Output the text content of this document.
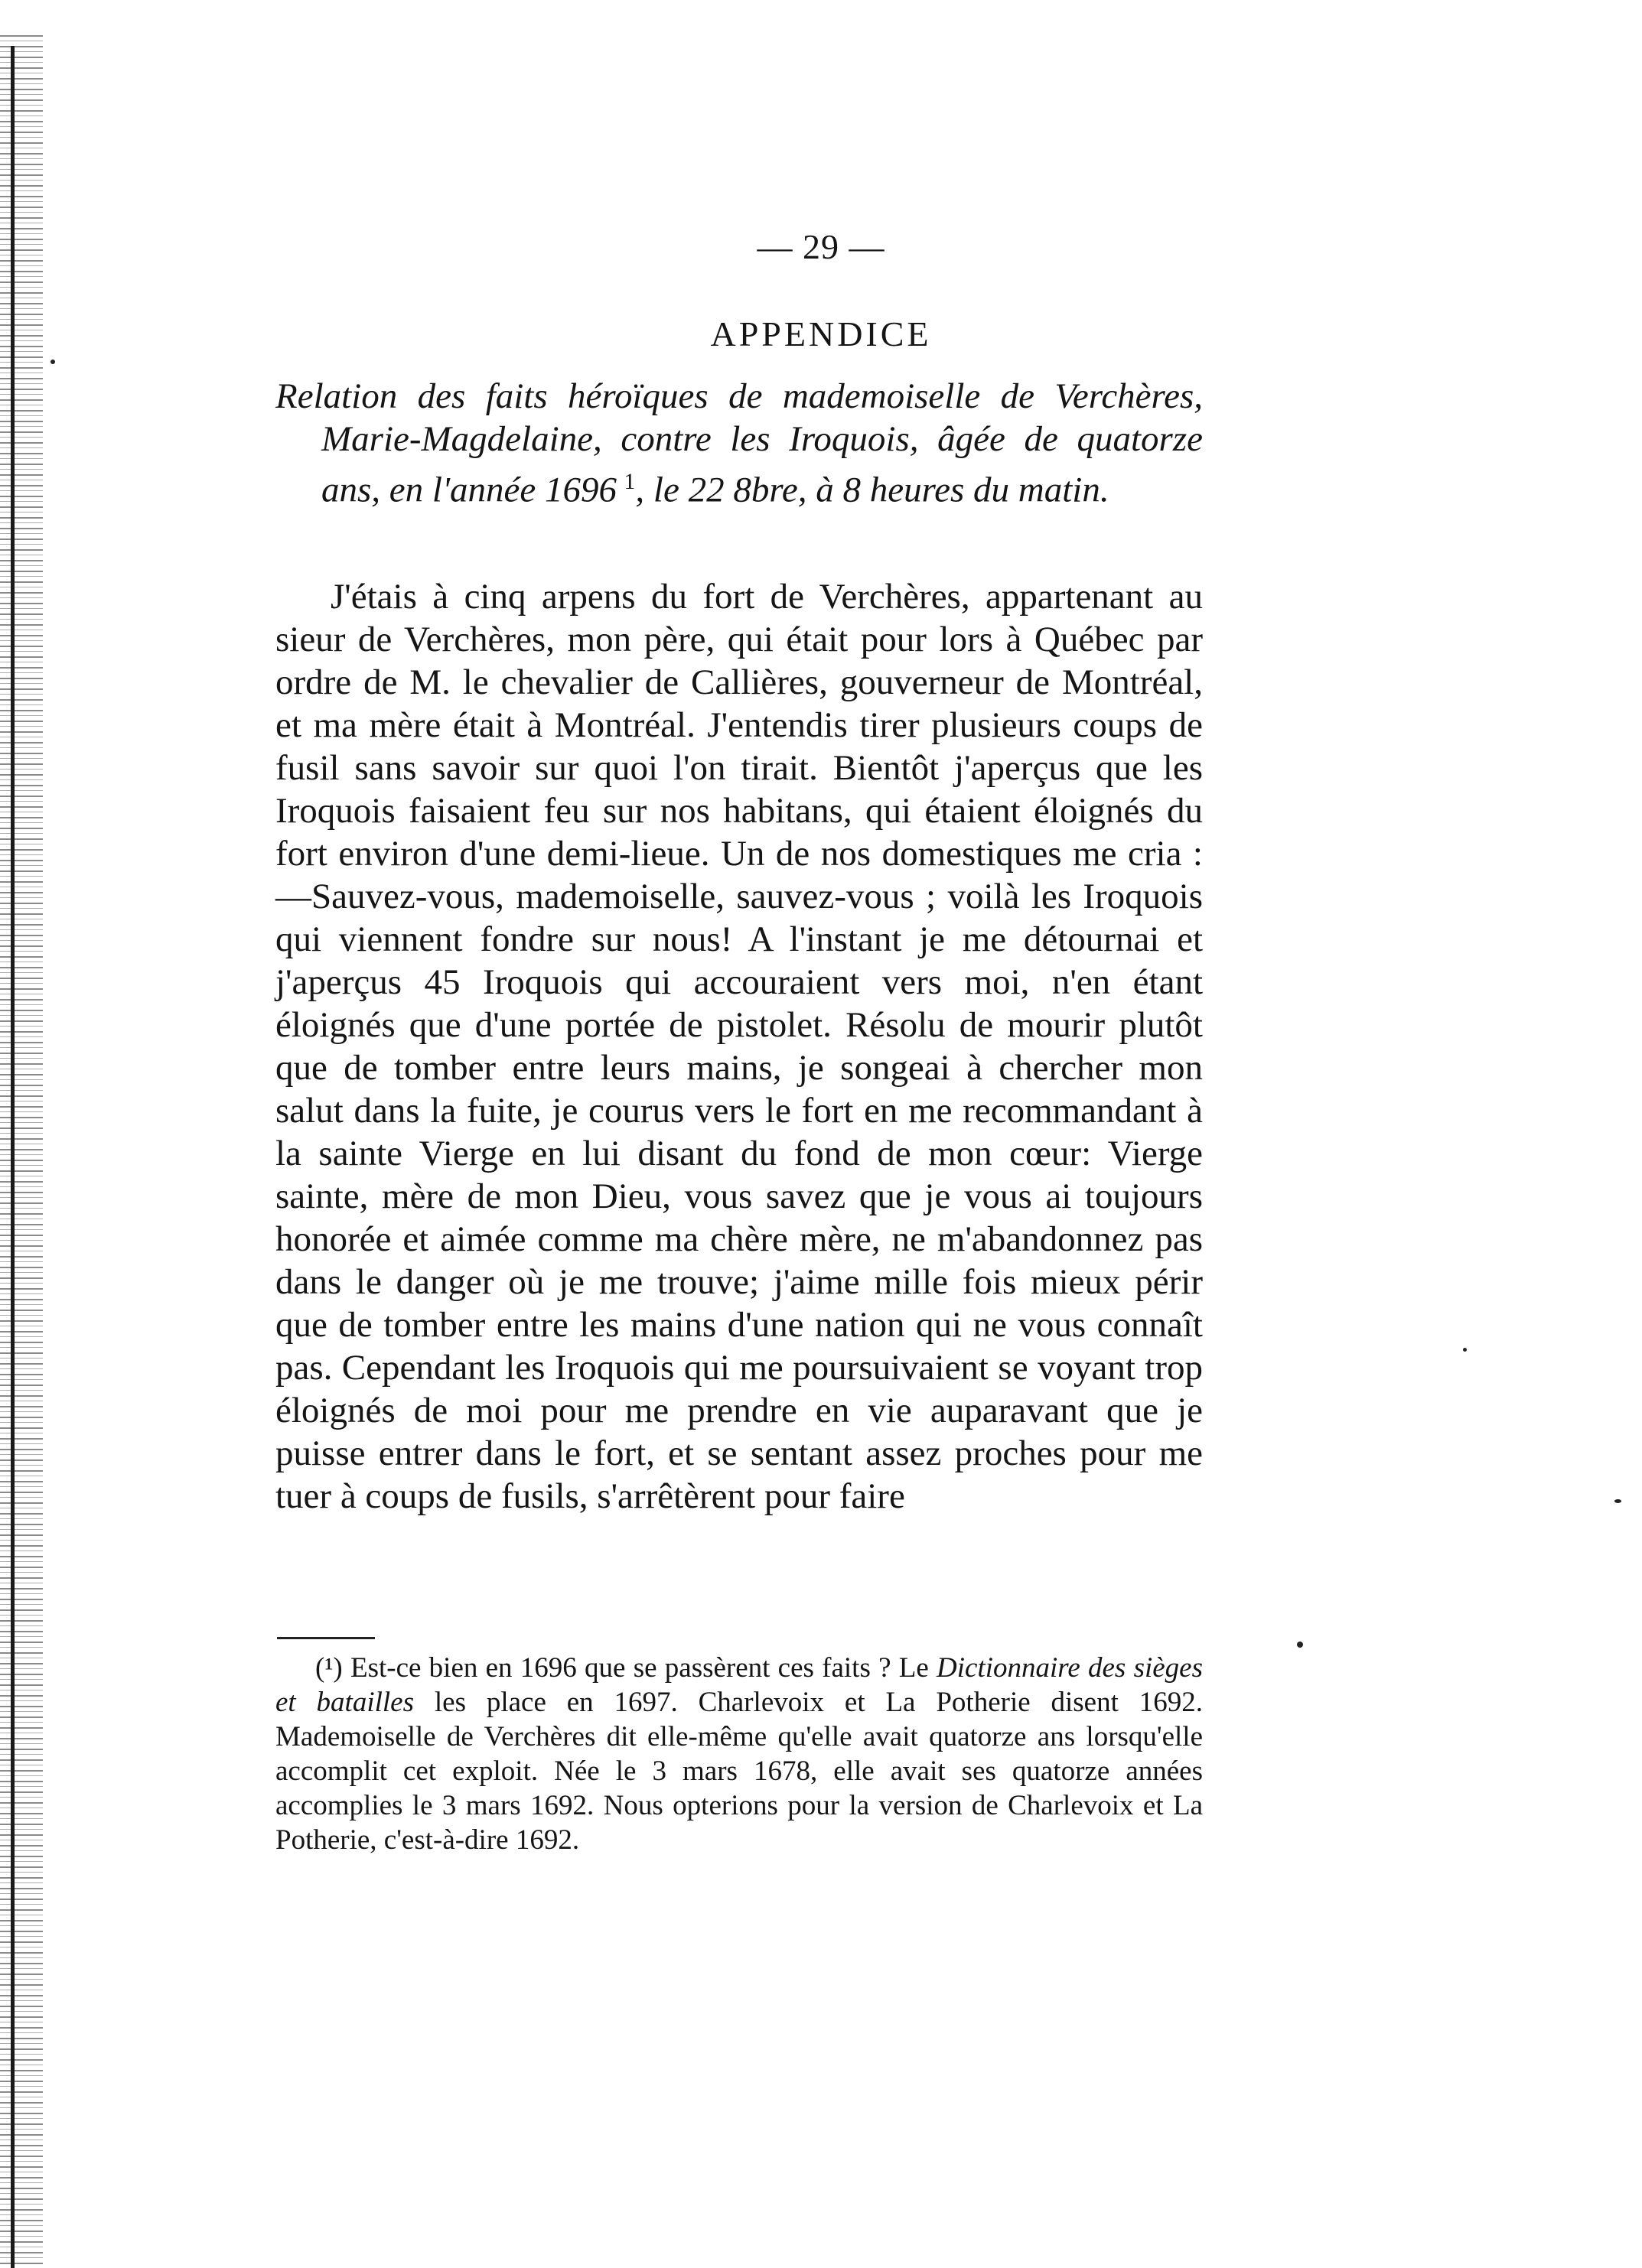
— 29 —
APPENDICE

Relation des faits héroïques de mademoiselle de Verchères, Marie-Magdelaine, contre les Iroquois, âgée de quatorze ans, en l'année 1696  $^1$, le 22 8bre, à 8 heures du matin.

J'étais à cinq arpens du fort de Verchères, appartenant au sieur de Verchères, mon père, qui était pour lors à Québec par ordre de M. le chevalier de Callières, gouverneur de Montréal, et ma mère était à Montréal. J'entendis tirer plusieurs coups de fusil sans savoir sur quoi l'on tirait. Bientôt j'aperçus que les Iroquois faisaient feu sur nos habitans, qui étaient éloignés du fort environ d'une demi-lieue. Un de nos domestiques me cria :—Sauvez-vous, mademoiselle, sauvez-vous ; voilà les Iroquois qui viennent fondre sur nous! A l'instant je me détournai et j'aperçus 45 Iroquois qui accouraient vers moi, n'en étant éloignés que d'une portée de pistolet. Résolu de mourir plutôt que de tomber entre leurs mains, je songeai à chercher mon salut dans la fuite, je courus vers le fort en me recommandant à la sainte Vierge en lui disant du fond de mon cœur: Vierge sainte, mère de mon Dieu, vous savez que je vous ai toujours honorée et aimée comme ma chère mère, ne m'abandonnez pas dans le danger où je me trouve; j'aime mille fois mieux périr que de tomber entre les mains d'une nation qui ne vous connaît pas. Cependant les Iroquois qui me poursuivaient se voyant trop éloignés de moi pour me prendre en vie auparavant que je puisse entrer dans le fort, et se sentant assez proches pour me tuer à coups de fusils, s'arrêtèrent pour faire

(¹) Est-ce bien en 1696 que se passèrent ces faits ? Le Dictionnaire des sièges et batailles les place en 1697. Charlevoix et La Potherie disent 1692. Mademoiselle de Verchères dit elle-même qu'elle avait quatorze ans lorsqu'elle accomplit cet exploit. Née le 3 mars 1678, elle avait ses quatorze années accomplies le 3 mars 1692. Nous opterions pour la version de Charlevoix et La Potherie, c'est-à-dire 1692.
